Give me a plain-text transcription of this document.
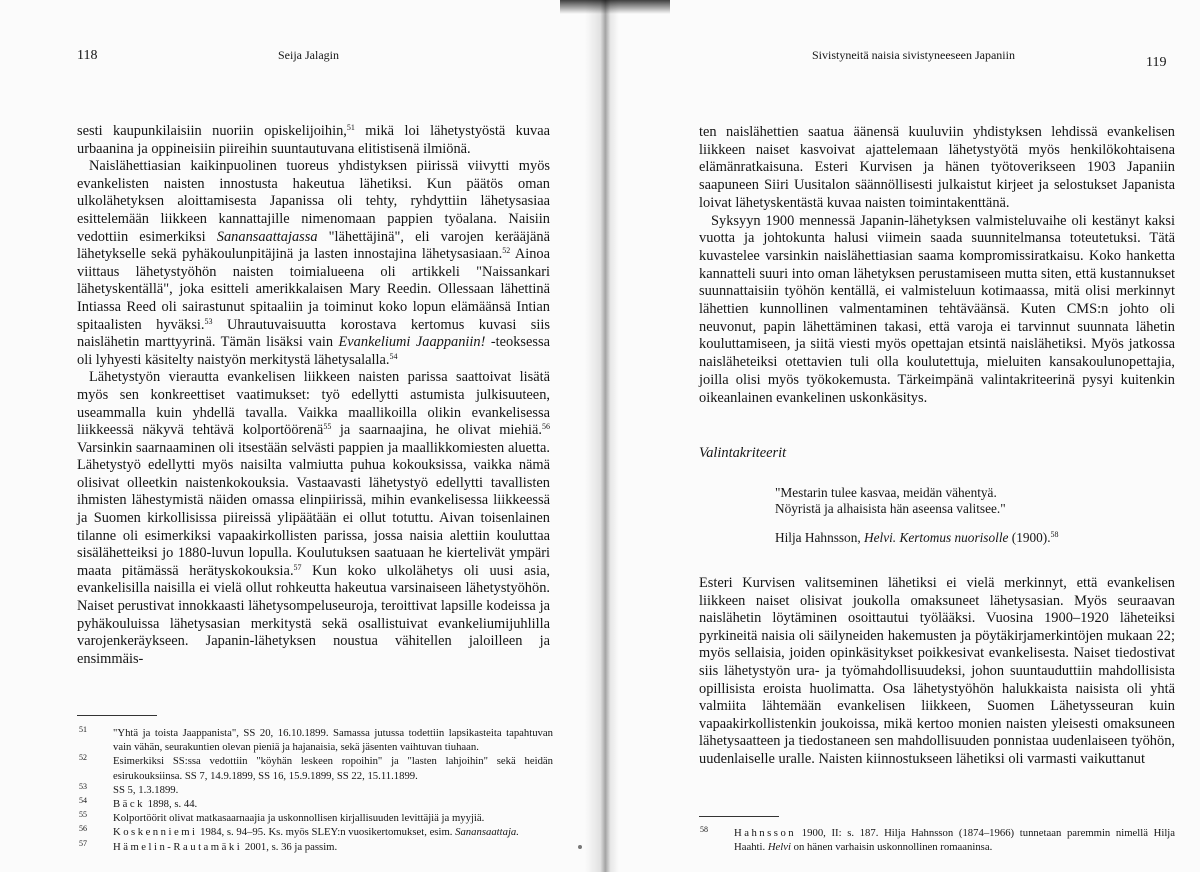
118	Seija Jalagin

sesti kaupunkilaisiin nuoriin opiskelijoihin,$^{51}$ mikä loi lähetystyöstä kuvaa urbaanina ja oppineisiin piireihin suuntautuvana elitistisenä ilmiönä.

Naislähettiasian kaikinpuolinen tuoreus yhdistyksen piirissä viivytti myös evankelisten naisten innostusta hakeutua lähetiksi. Kun päätös oman ulkolähetyksen aloittamisesta Japanissa oli tehty, ryhdyttiin lähetysasiaa esittelemään liikkeen kannattajille nimenomaan pappien työalana. Naisiin vedottiin esimerkiksi Sanansaattajassa "lähettäjinä", eli varojen kerääjänä lähetykselle sekä pyhäkoulunpitäjinä ja lasten innostajina lähetysasiaan.$^{52}$ Ainoa viittaus lähetystyöhön naisten toimialueena oli artikkeli "Naissankari lähetyskentällä", joka esitteli amerikkalaisen Mary Reedin. Ollessaan lähettinä Intiassa Reed oli sairastunut spitaaliin ja toiminut koko lopun elämäänsä Intian spitaalisten hyväksi.$^{53}$ Uhrautuvaisuutta korostava kertomus kuvasi siis naislähetin marttyyrinä. Tämän lisäksi vain Evankeliumi Jaappaniin! -teoksessa oli lyhyesti käsitelty naistyön merkitystä lähetysalalla.$^{54}$

Lähetystyön vierautta evankelisen liikkeen naisten parissa saattoivat lisätä myös sen konkreettiset vaatimukset: työ edellytti astumista julkisuuteen, useammalla kuin yhdellä tavalla. Vaikka maallikoilla olikin evankelisessa liikkeessä näkyvä tehtävä kolportöörenä$^{55}$ ja saarnaajina, he olivat miehiä.$^{56}$ Varsinkin saarnaaminen oli itsestään selvästi pappien ja maallikkomiesten aluetta. Lähetystyö edellytti myös naisilta valmiutta puhua kokouksissa, vaikka nämä olisivat olleetkin naistenkokouksia. Vastaavasti lähetystyö edellytti tavallisten ihmisten lähestymistä näiden omassa elinpiirissä, mihin evankelisessa liikkeessä ja Suomen kirkollisissa piireissä ylipäätään ei ollut totuttu. Aivan toisenlainen tilanne oli esimerkiksi vapaakirkollisten parissa, jossa naisia alettiin kouluttaa sisälähetteiksi jo 1880-luvun lopulla. Koulutuksen saatuaan he kiertelivät ympäri maata pitämässä herätyskokouksia.$^{57}$ Kun koko ulkolähetys oli uusi asia, evankelisilla naisilla ei vielä ollut rohkeutta hakeutua varsinaiseen lähetystyöhön. Naiset perustivat innokkaasti lähetysompeluseuroja, teroittivat lapsille kodeissa ja pyhäkouluissa lähetysasian merkitystä sekä osallistuivat evankeliumijuhlilla varojenkeräykseen. Japanin-lähetyksen noustua vähitellen jaloilleen ja ensimmäis-

51 "Yhtä ja toista Jaappanista", SS 20, 16.10.1899. Samassa jutussa todettiin lapsikasteita tapahtuvan vain vähän, seurakuntien olevan pieniä ja hajanaisia, sekä jäsenten vaihtuvan tiuhaan.
52 Esimerkiksi SS:ssa vedottiin "köyhän leskeen ropoihin" ja "lasten lahjoihin" sekä heidän esirukouksiinsa. SS 7, 14.9.1899, SS 16, 15.9.1899, SS 22, 15.11.1899.
53 SS 5, 1.3.1899.
54 Bäck 1898, s. 44.
55 Kolportöörit olivat matkasaarnaajia ja uskonnollisen kirjallisuuden levittäjiä ja myyjiä.
56 Koskenniemi 1984, s. 94–95. Ks. myös SLEY:n vuosikertomukset, esim. Sanansaattaja.
57 Hämelin-Rautamäki 2001, s. 36 ja passim.
Sivistyneitä naisia sivistyneeseen Japaniin	119

ten naislähettien saatua äänensä kuuluviin yhdistyksen lehdissä evankelisen liikkeen naiset kasvoivat ajattelemaan lähetystyötä myös henkilökohtaisena elämänratkaisuna. Esteri Kurvisen ja hänen työtoverikseen 1903 Japaniin saapuneen Siiri Uusitalon säännöllisesti julkaistut kirjeet ja selostukset Japanista loivat lähetyskentästä kuvaa naisten toimintakenttänä.

Syksyyn 1900 mennessä Japanin-lähetyksen valmisteluvaihe oli kestänyt kaksi vuotta ja johtokunta halusi viimein saada suunnitelmansa toteutetuksi. Tätä kuvastelee varsinkin naislähettiasian saama kompromissiratkaisu. Koko hanketta kannatteli suuri into oman lähetyksen perustamiseen mutta siten, että kustannukset suunnattaisiin työhön kentällä, ei valmisteluun kotimaassa, mitä olisi merkinnyt lähettien kunnollinen valmentaminen tehtäväänsä. Kuten CMS:n johto oli neuvonut, papin lähettäminen takasi, että varoja ei tarvinnut suunnata lähetin kouluttamiseen, ja siitä viesti myös opettajan etsintä naislähetiksi. Myös jatkossa naisläheteiksi otettavien tuli olla koulutettuja, mieluiten kansakoulunopettajia, joilla olisi myös työkokemusta. Tärkeimpänä valintakriteerinä pysyi kuitenkin oikeanlainen evankelinen uskonkäsitys.

Valintakriteerit
"Mestarin tulee kasvaa, meidän vähentyä.
Nöyristä ja alhaisista hän aseensa valitsee."
Hilja Hahnsson, Helvi. Kertomus nuorisolle (1900).$^{58}$

Esteri Kurvisen valitseminen lähetiksi ei vielä merkinnyt, että evankelisen liikkeen naiset olisivat joukolla omaksuneet lähetysasian. Myös seuraavan naislähetin löytäminen osoittautui työlääksi. Vuosina 1900–1920 läheteiksi pyrkineitä naisia oli säilyneiden hakemusten ja pöytäkirjamerkintöjen mukaan 22; myös sellaisia, joiden opinkäsitykset poikkesivat evankelisesta. Naiset tiedostivat siis lähetystyön ura- ja työmahdollisuudeksi, johon suuntauduttiin mahdollisista opillisista eroista huolimatta. Osa lähetystyöhön halukkaista naisista oli yhtä valmiita lähtemään evankelisen liikkeen, Suomen Lähetysseuran kuin vapaakirkollistenkin joukoissa, mikä kertoo monien naisten yleisesti omaksuneen lähetysaatteen ja tiedostaneen sen mahdollisuuden ponnistaa uudenlaiseen työhön, uudenlaiselle uralle. Naisten kiinnostukseen lähetiksi oli varmasti vaikuttanut

58 Hahnsson 1900, II: s. 187. Hilja Hahnsson (1874–1966) tunnetaan paremmin nimellä Hilja Haahti. Helvi on hänen varhaisin uskonnollinen romaaninsa.
